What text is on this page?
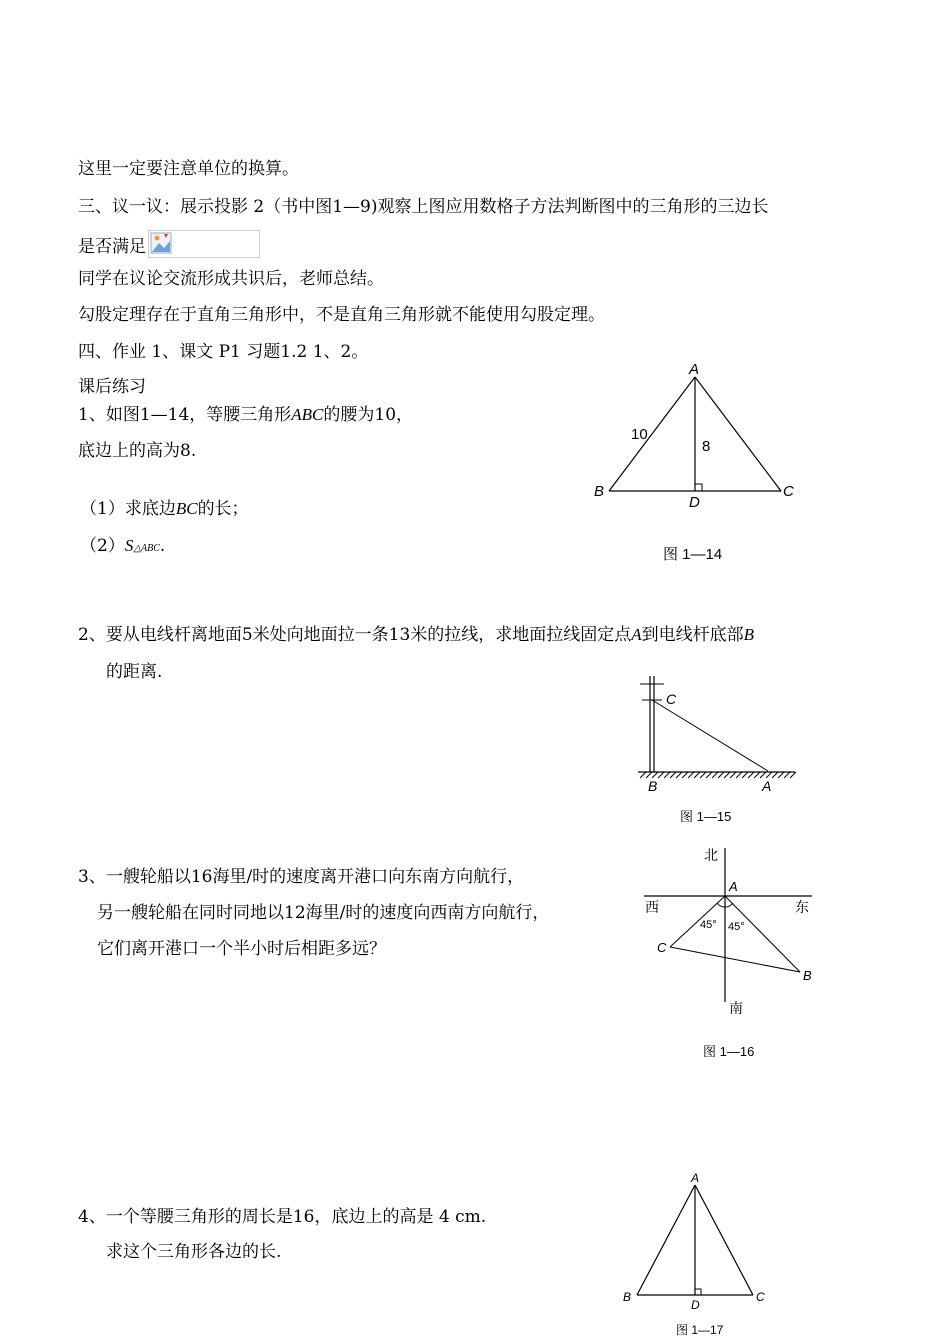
这里一定要注意单位的换算。
三、议一议：展示投影 2（书中图1—9)观察上图应用数格子方法判断图中的三角形的三边长
是否满足
同学在议论交流形成共识后，老师总结。
勾股定理存在于直角三角形中，不是直角三角形就不能使用勾股定理。
四、作业 1、课文 P1 习题1.2 1、2。
课后练习
1、如图1—14，等腰三角形ABC的腰为10，
底边上的高为8.
（1）求底边BC的长；
（2）S△ABC.
A
B	C
D
10
8
图 1—14
2、要从电线杆离地面5米处向地面拉一条13米的拉线，求地面拉线固定点A到电线杆底部B
的距离.
C
B	A
图 1—15
3、一艘轮船以16海里/时的速度离开港口向东南方向航行，
另一艘轮船在同时同地以12海里/时的速度向西南方向航行，
它们离开港口一个半小时后相距多远？
北
南
西	东
A
C
B
45° 45°
图 1—16
4、一个等腰三角形的周长是16，底边上的高是 4 cm.
求这个三角形各边的长.
A
B	C
D
图 1—17
